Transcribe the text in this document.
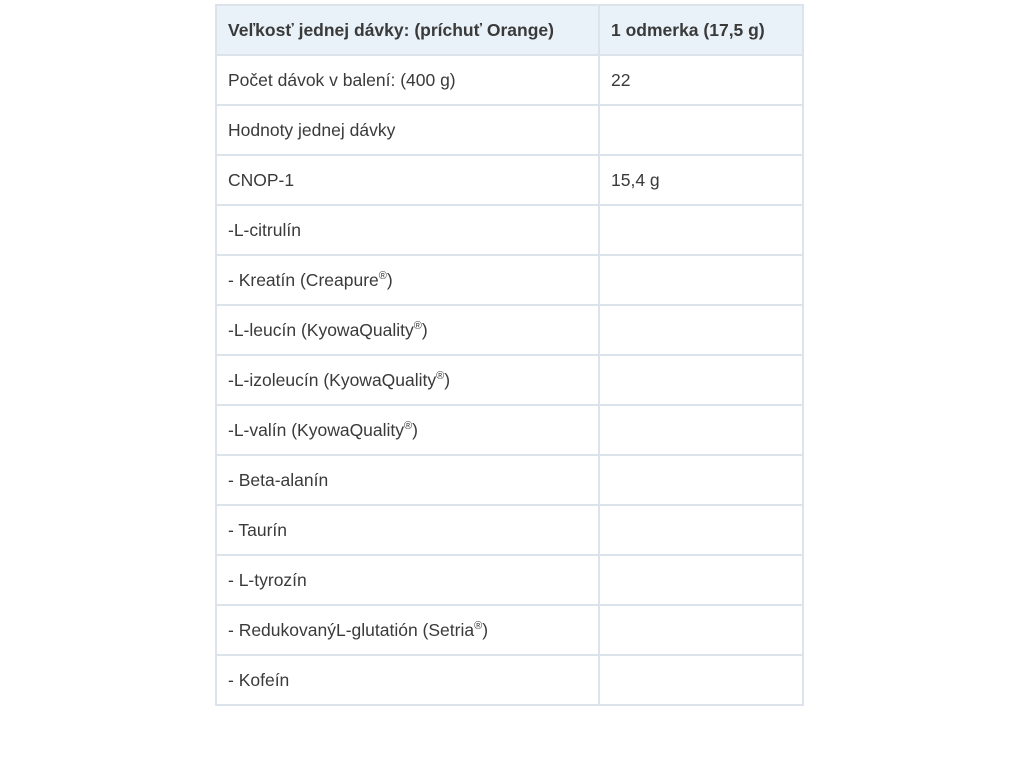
Veľkosť jednej dávky: (príchuť Orange)	1 odmerka (17,5 g)
Počet dávok v balení: (400 g)	22
Hodnoty jednej dávky	
CNOP-1	15,4 g
-L-citrulín	
- Kreatín (Creapure®)	
-L-leucín (KyowaQuality®)	
-L-izoleucín (KyowaQuality®)	
-L-valín (KyowaQuality®)	
- Beta-alanín	
- Taurín	
- L-tyrozín	
- RedukovanýL-glutatión (Setria®)	
- Kofeín	
